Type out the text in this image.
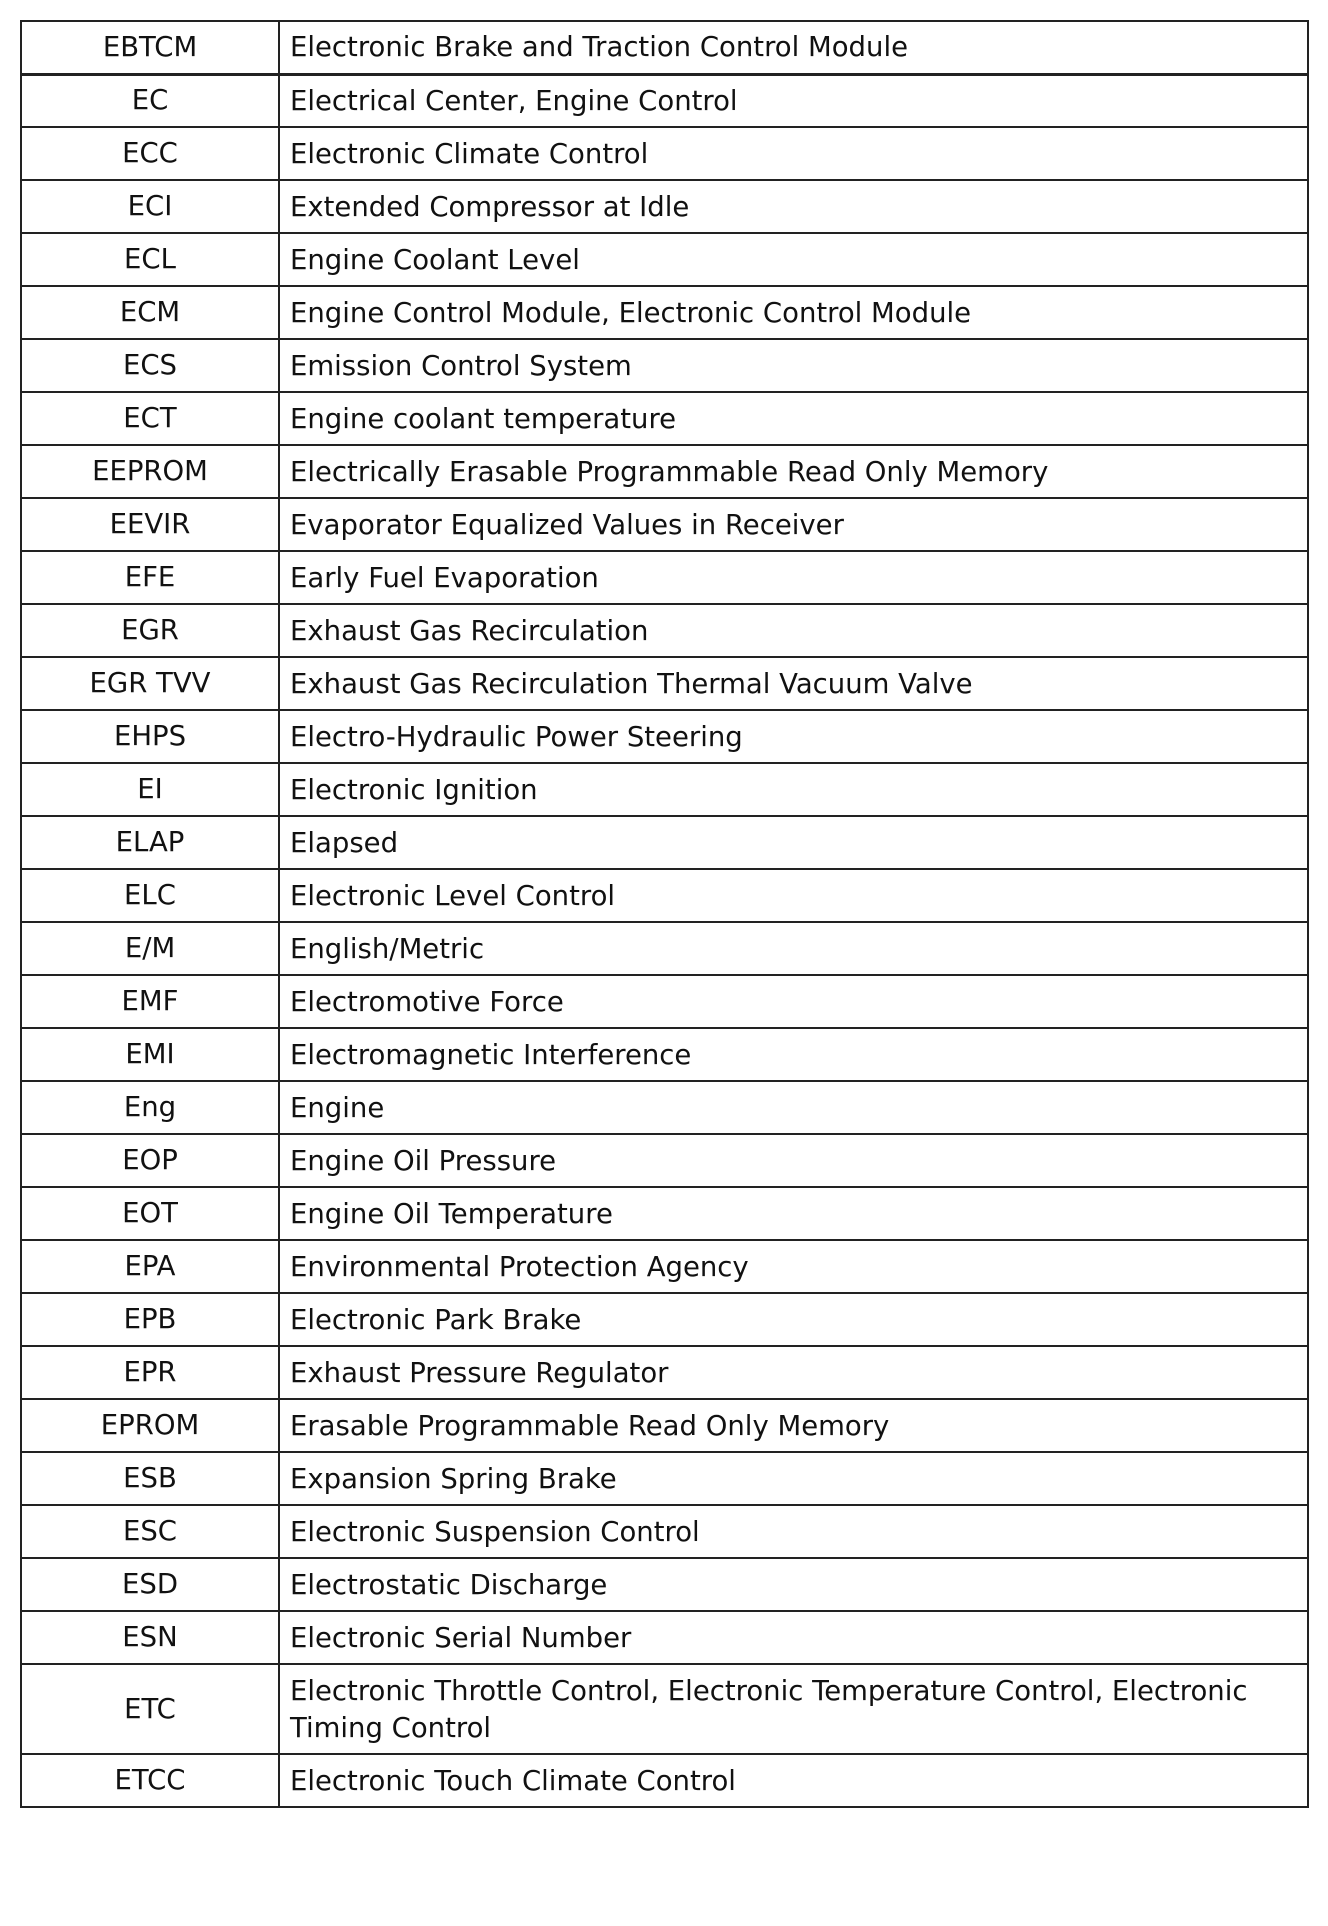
EBTCM	Electronic Brake and Traction Control Module
EC	Electrical Center, Engine Control
ECC	Electronic Climate Control
ECI	Extended Compressor at Idle
ECL	Engine Coolant Level
ECM	Engine Control Module, Electronic Control Module
ECS	Emission Control System
ECT	Engine coolant temperature
EEPROM	Electrically Erasable Programmable Read Only Memory
EEVIR	Evaporator Equalized Values in Receiver
EFE	Early Fuel Evaporation
EGR	Exhaust Gas Recirculation
EGR TVV	Exhaust Gas Recirculation Thermal Vacuum Valve
EHPS	Electro-Hydraulic Power Steering
EI	Electronic Ignition
ELAP	Elapsed
ELC	Electronic Level Control
E/M	English/Metric
EMF	Electromotive Force
EMI	Electromagnetic Interference
Eng	Engine
EOP	Engine Oil Pressure
EOT	Engine Oil Temperature
EPA	Environmental Protection Agency
EPB	Electronic Park Brake
EPR	Exhaust Pressure Regulator
EPROM	Erasable Programmable Read Only Memory
ESB	Expansion Spring Brake
ESC	Electronic Suspension Control
ESD	Electrostatic Discharge
ESN	Electronic Serial Number
ETC	Electronic Throttle Control, Electronic Temperature Control, Electronic Timing Control
ETCC	Electronic Touch Climate Control
